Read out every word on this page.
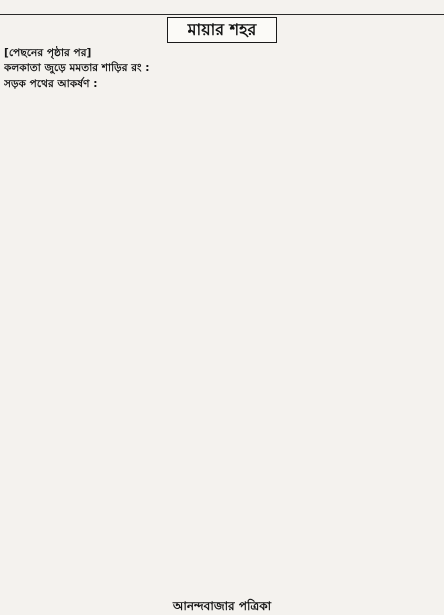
মায়ার শহর

[পেছনের পৃষ্ঠার পর]

কলকাতা জুড়ে মমতার শাড়ির রং :

সড়ক পথের আকর্ষণ :

আনন্দবাজার পত্রিকা
